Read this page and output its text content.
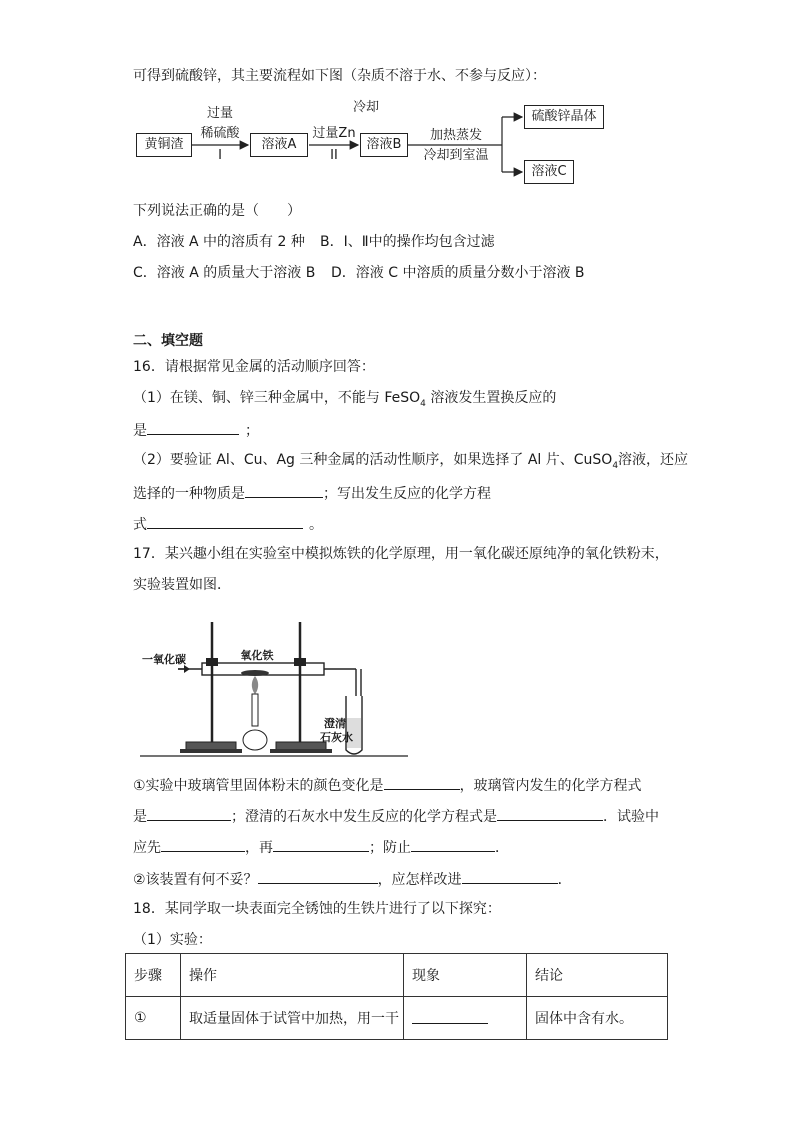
可得到硫酸锌，其主要流程如下图（杂质不溶于水、不参与反应）：
黄铜渣
过量
稀硫酸
I
溶液A
过量Zn
II
溶液B
冷却
加热蒸发
冷却到室温
硫酸锌晶体
溶液C
下列说法正确的是（　　）
A．溶液 A 中的溶质有 2 种 B．Ⅰ、Ⅱ中的操作均包含过滤
C．溶液 A 的质量大于溶液 B D．溶液 C 中溶质的质量分数小于溶液 B
二、填空题
16．请根据常见金属的活动顺序回答：
（1）在镁、铜、锌三种金属中，不能与 FeSO$_4$ 溶液发生置换反应的
是	；
（2）要验证 Al、Cu、Ag 三种金属的活动性顺序，如果选择了 Al 片、CuSO$_4$溶液，还应
选择的一种物质是	；写出发生反应的化学方程
式	。
17．某兴趣小组在实验室中模拟炼铁的化学原理，用一氧化碳还原纯净的氧化铁粉末，
实验装置如图．
一氧化碳	氧化铁
澄清
石灰水
①实验中玻璃管里固体粉末的颜色变化是	，玻璃管内发生的化学方程式
是	；澄清的石灰水中发生反应的化学方程式是	．试验中
应先	，再	；防止	．
②该装置有何不妥？	，应怎样改进	．
18．某同学取一块表面完全锈蚀的生铁片进行了以下探究：
（1）实验：
步骤	操作	现象	结论
①	取适量固体于试管中加热，用一干		固体中含有水。
